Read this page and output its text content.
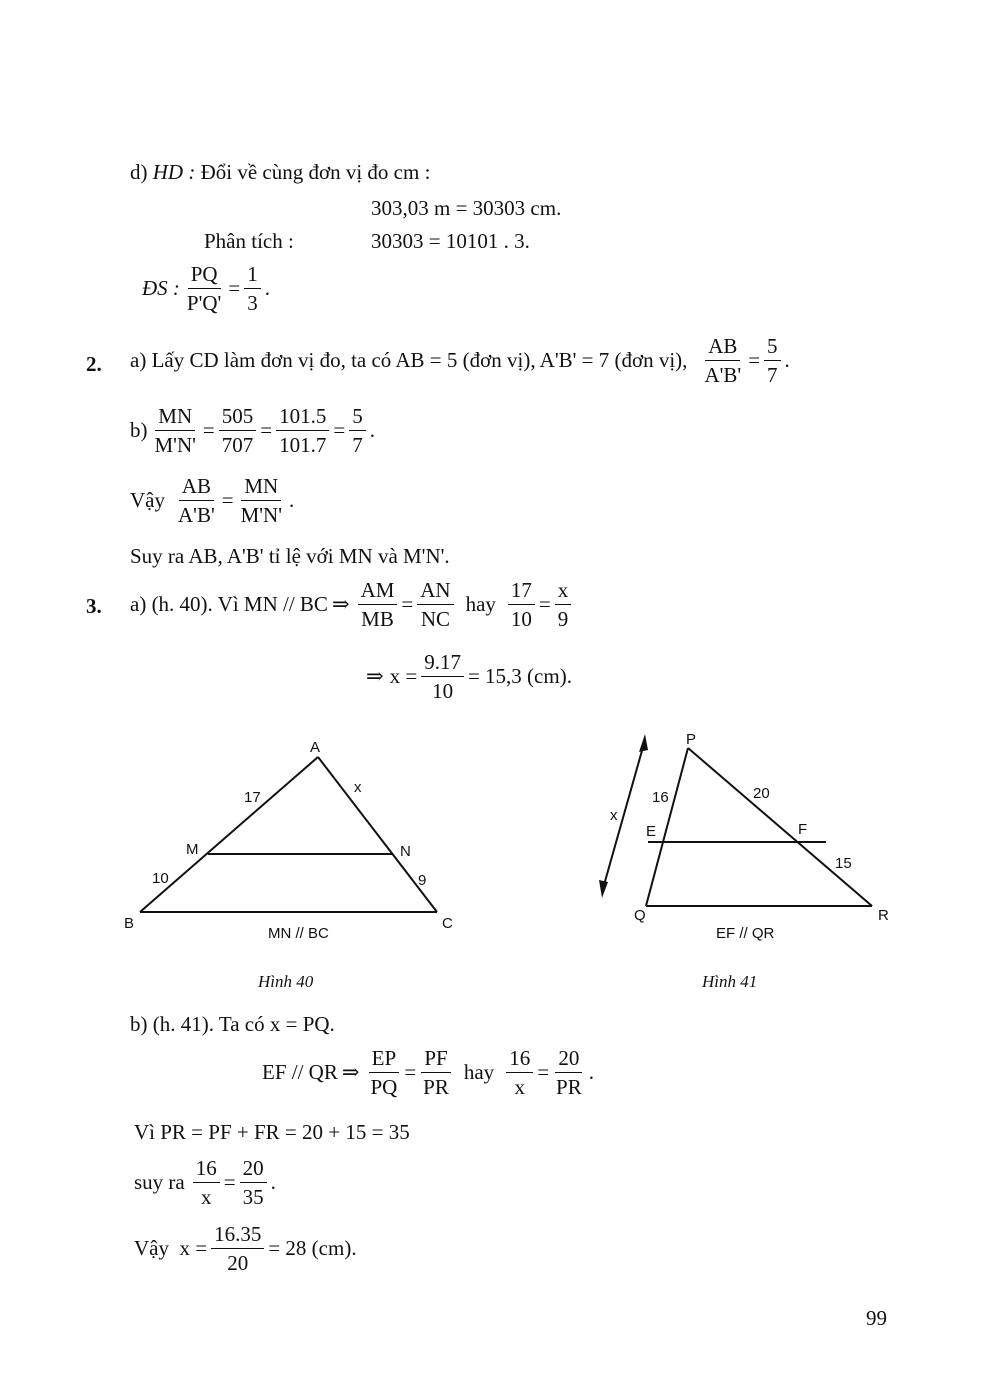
d) HD : Đổi về cùng đơn vị đo cm :
303,03 m = 30303 cm.
Phân tích :	30303 = 10101 . 3.
ĐS : $\frac{PQ}{P'Q'} = \frac{1}{3}$ .
2. a) Lấy CD làm đơn vị đo, ta có AB = 5 (đơn vị), A'B' = 7 (đơn vị), $\frac{AB}{A'B'} = \frac{5}{7}$ .
$b) \frac{MN}{M'N'} = \frac{505}{707} = \frac{101.5}{101.7} = \frac{5}{7}$ .
Vậy $\frac{AB}{A'B'} = \frac{MN}{M'N'}$ .
Suy ra AB, A'B' tỉ lệ với MN và M'N'.
3. a) (h. 40). Vì MN // BC ⇒ $\frac{AM}{MB} = \frac{AN}{NC}$ hay $\frac{17}{10} = \frac{x}{9}$
⇒ $x = \frac{9.17}{10} = 15,3$ (cm).
A
B	C
M	N
17
x
10	9
MN // BC
Hình 40
P
Q	R
E	F
16	20
15
x
EF // QR
Hình 41
b) (h. 41). Ta có x = PQ.
EF // QR ⇒ $\frac{EP}{PQ} = \frac{PF}{PR}$ hay $\frac{16}{x} = \frac{20}{PR}$ .
Vì PR = PF + FR = 20 + 15 = 35
suy ra $\frac{16}{x} = \frac{20}{35}$ .
Vậy  $x = \frac{16.35}{20} = 28$ (cm).
99
